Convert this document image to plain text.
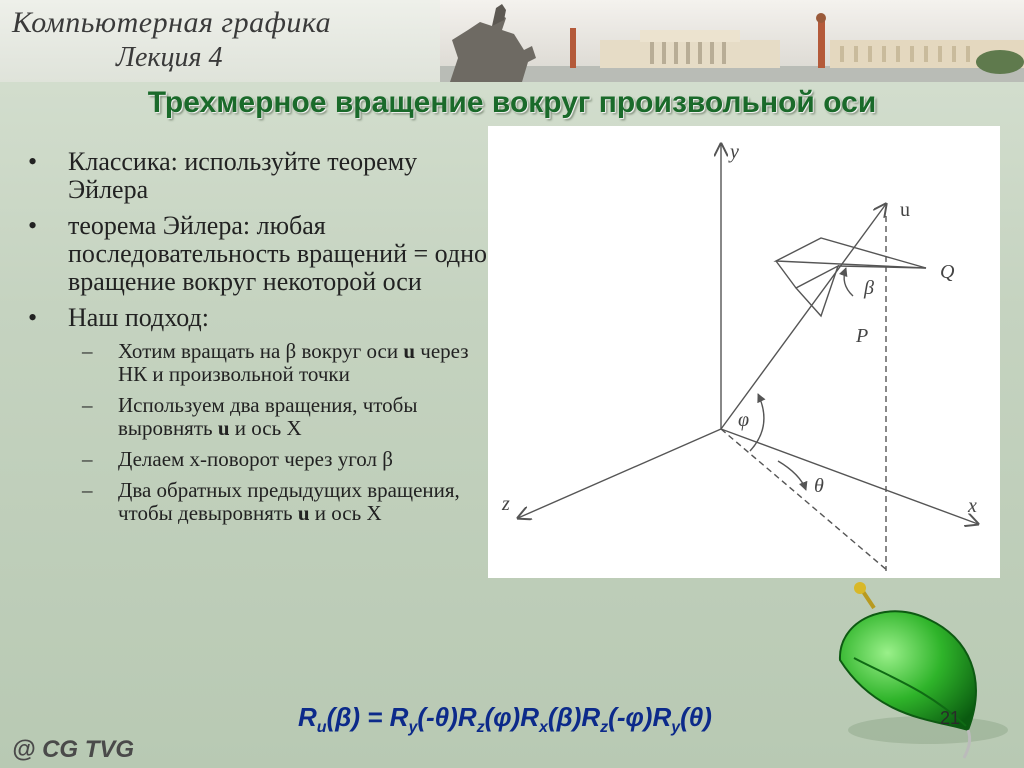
Компьютерная графика
Лекция 4
Трехмерное вращение вокруг произвольной оси
• Классика: используйте теорему Эйлера
• теорема Эйлера: любая последовательность вращений = одно вращение вокруг некоторой оси
• Наш подход:
– Хотим вращать на β вокруг оси u через НК и произвольной точки
– Используем два вращения, чтобы выровнять u и ось X
– Делаем x-поворот через угол β
– Два обратных предыдущих вращения, чтобы девыровнять u и ось X
y
x
z
u
Q
P
β
φ
θ
$R_u(\beta) = R_y(-\theta)R_z(\varphi)R_x(\beta)R_z(-\varphi)R_y(\theta)$	21
@ CG TVG
